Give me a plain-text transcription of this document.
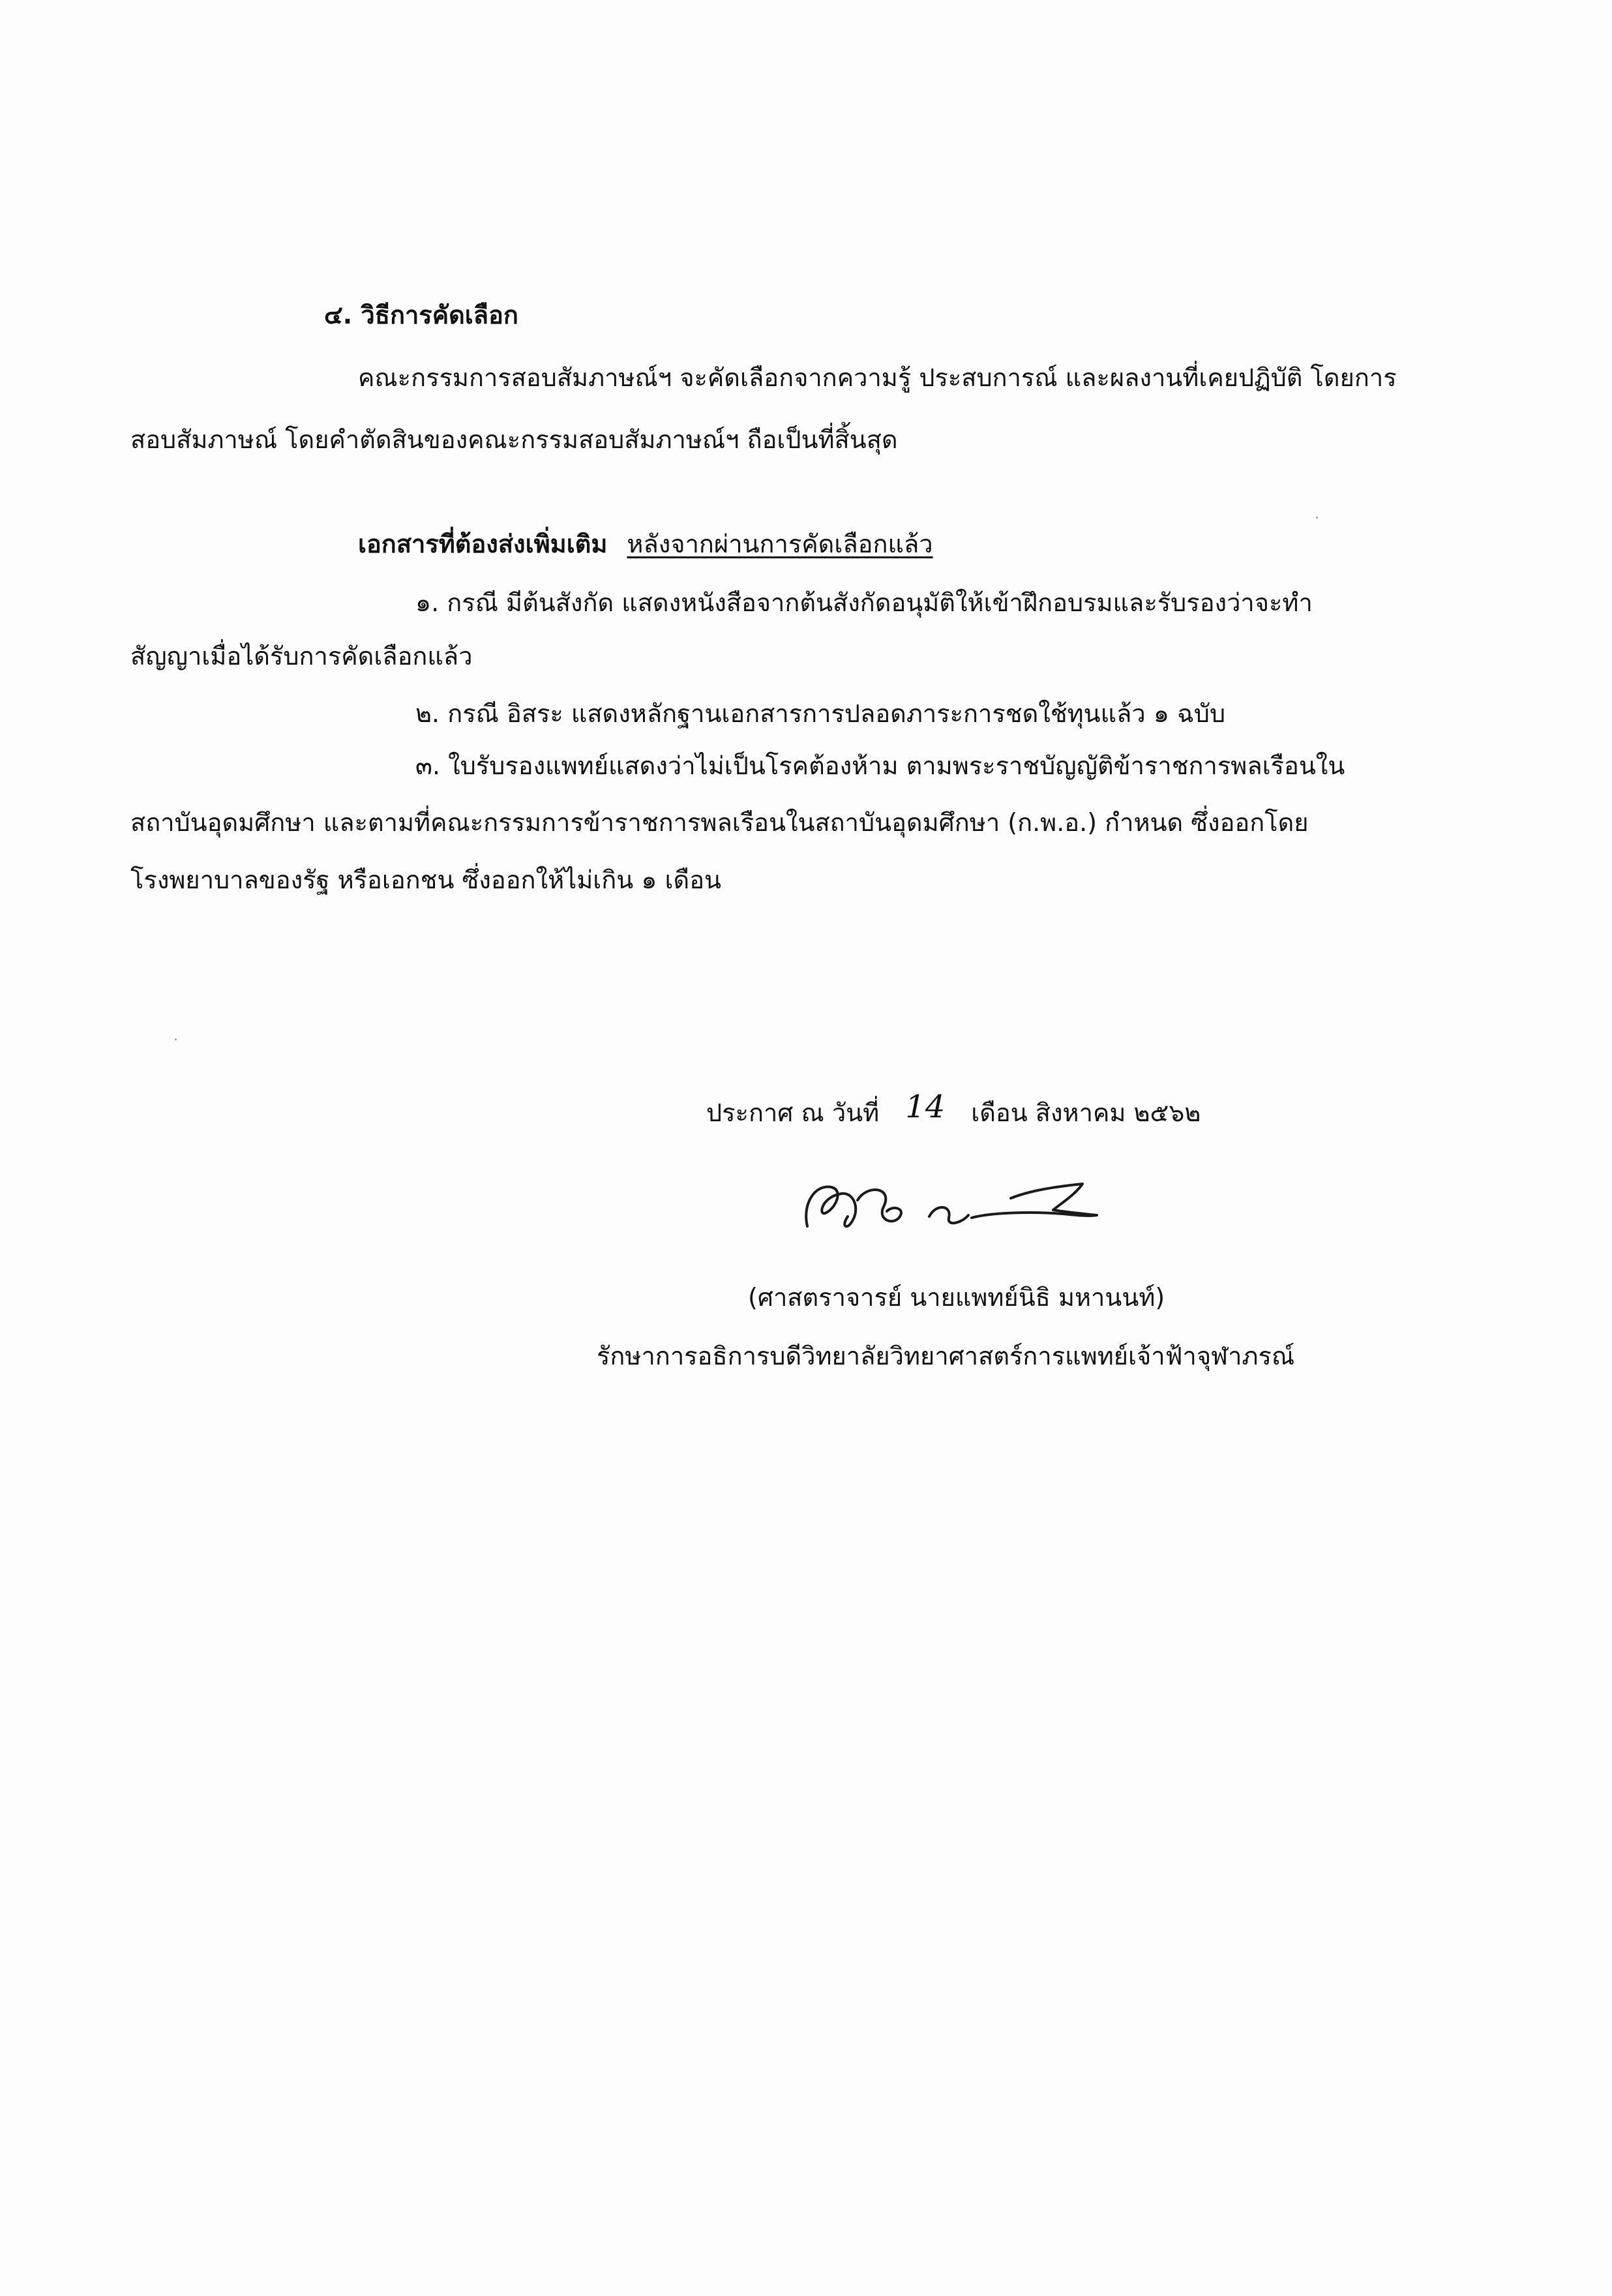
๔. วิธีการคัดเลือก
คณะกรรมการสอบสัมภาษณ์ฯ จะคัดเลือกจากความรู้ ประสบการณ์ และผลงานที่เคยปฏิบัติ โดยการ
สอบสัมภาษณ์ โดยคำตัดสินของคณะกรรมสอบสัมภาษณ์ฯ ถือเป็นที่สิ้นสุด
เอกสารที่ต้องส่งเพิ่มเติม หลังจากผ่านการคัดเลือกแล้ว
๑. กรณี มีต้นสังกัด แสดงหนังสือจากต้นสังกัดอนุมัติให้เข้าฝึกอบรมและรับรองว่าจะทำ
สัญญาเมื่อได้รับการคัดเลือกแล้ว
๒. กรณี อิสระ แสดงหลักฐานเอกสารการปลอดภาระการชดใช้ทุนแล้ว ๑ ฉบับ
๓. ใบรับรองแพทย์แสดงว่าไม่เป็นโรคต้องห้าม ตามพระราชบัญญัติข้าราชการพลเรือนใน
สถาบันอุดมศึกษา และตามที่คณะกรรมการข้าราชการพลเรือนในสถาบันอุดมศึกษา (ก.พ.อ.) กำหนด ซึ่งออกโดย
โรงพยาบาลของรัฐ หรือเอกชน ซึ่งออกให้ไม่เกิน ๑ เดือน
ประกาศ ณ วันที่ 14 เดือน สิงหาคม ๒๕๖๒
(ศาสตราจารย์ นายแพทย์นิธิ มหานนท์)
รักษาการอธิการบดีวิทยาลัยวิทยาศาสตร์การแพทย์เจ้าฟ้าจุฬาภรณ์
